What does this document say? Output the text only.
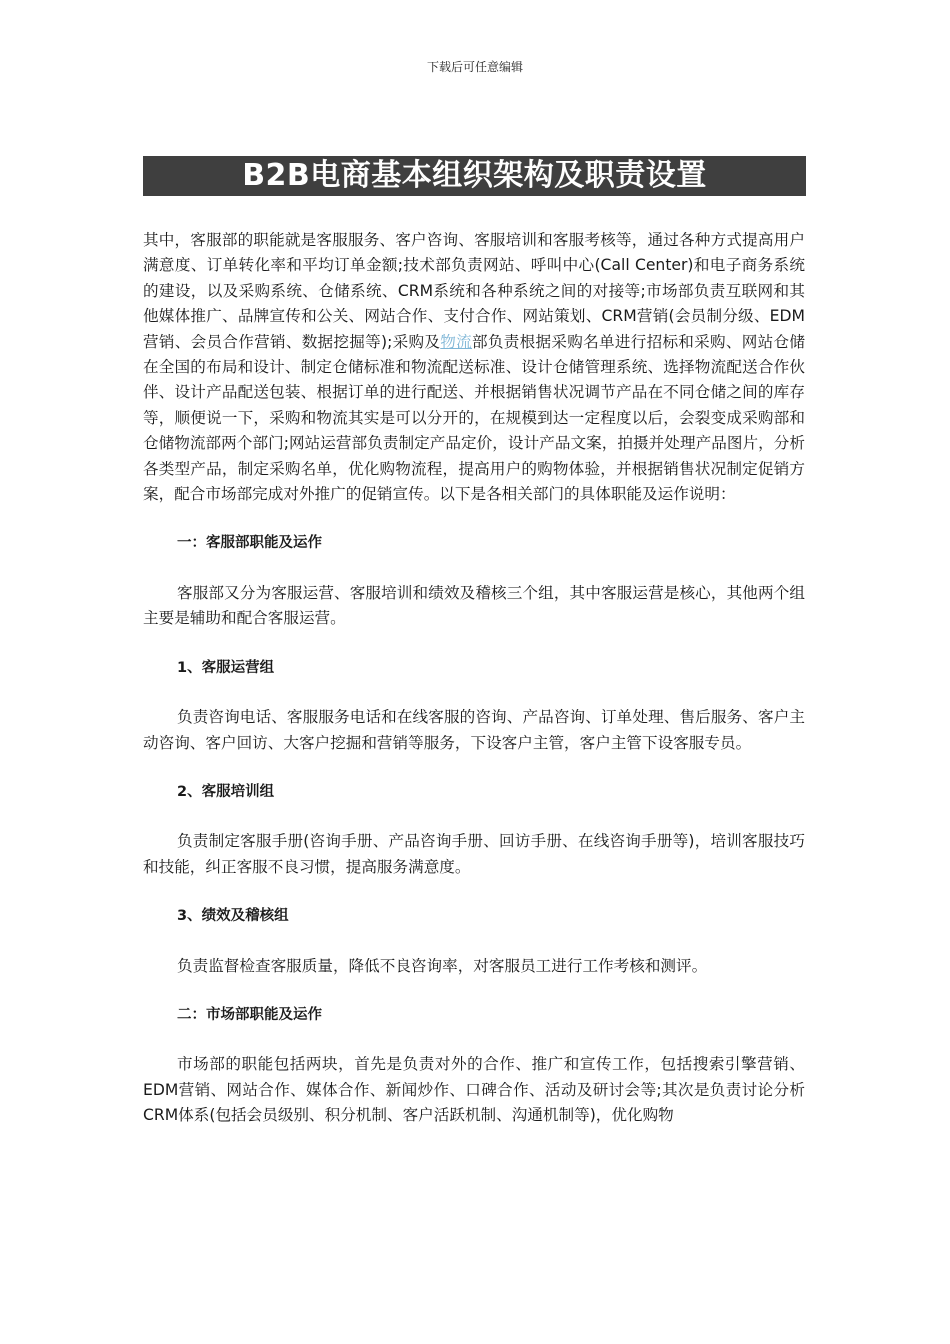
下载后可任意编辑
B2B电商基本组织架构及职责设置

其中，客服部的职能就是客服服务、客户咨询、客服培训和客服考核等，通过各种方式提高用户满意度、订单转化率和平均订单金额;技术部负责网站、呼叫中心(Call Center)和电子商务系统的建设，以及采购系统、仓储系统、CRM系统和各种系统之间的对接等;市场部负责互联网和其他媒体推广、品牌宣传和公关、网站合作、支付合作、网站策划、CRM营销(会员制分级、EDM营销、会员合作营销、数据挖掘等);采购及物流部负责根据采购名单进行招标和采购、网站仓储在全国的布局和设计、制定仓储标准和物流配送标准、设计仓储管理系统、选择物流配送合作伙伴、设计产品配送包装、根据订单的进行配送、并根据销售状况调节产品在不同仓储之间的库存等，顺便说一下，采购和物流其实是可以分开的，在规模到达一定程度以后，会裂变成采购部和仓储物流部两个部门;网站运营部负责制定产品定价，设计产品文案，拍摄并处理产品图片，分析各类型产品，制定采购名单，优化购物流程，提高用户的购物体验，并根据销售状况制定促销方案，配合市场部完成对外推广的促销宣传。以下是各相关部门的具体职能及运作说明：

一：客服部职能及运作

客服部又分为客服运营、客服培训和绩效及稽核三个组，其中客服运营是核心，其他两个组主要是辅助和配合客服运营。

1、客服运营组

负责咨询电话、客服服务电话和在线客服的咨询、产品咨询、订单处理、售后服务、客户主动咨询、客户回访、大客户挖掘和营销等服务，下设客户主管，客户主管下设客服专员。

2、客服培训组

负责制定客服手册(咨询手册、产品咨询手册、回访手册、在线咨询手册等)，培训客服技巧和技能，纠正客服不良习惯，提高服务满意度。

3、绩效及稽核组

负责监督检查客服质量，降低不良咨询率，对客服员工进行工作考核和测评。

二：市场部职能及运作

市场部的职能包括两块，首先是负责对外的合作、推广和宣传工作，包括搜索引擎营销、EDM营销、网站合作、媒体合作、新闻炒作、口碑合作、活动及研讨会等;其次是负责讨论分析CRM体系(包括会员级别、积分机制、客户活跃机制、沟通机制等)，优化购物
